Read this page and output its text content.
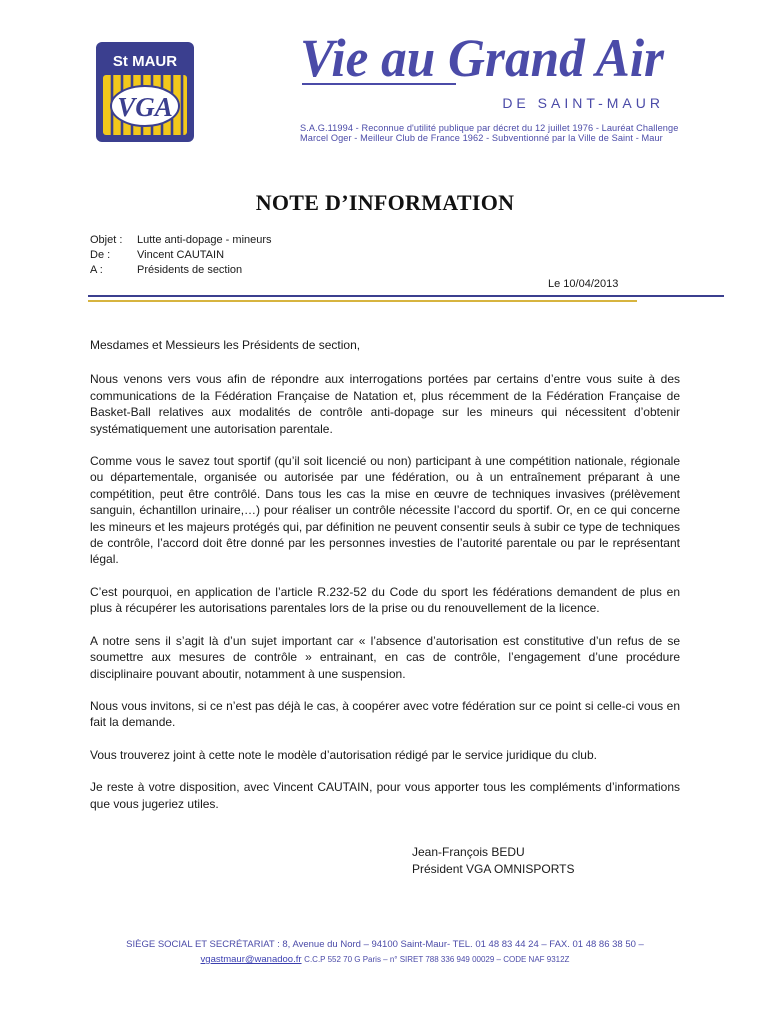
St MAUR
VGA
Vie au Grand Air
DE SAINT-MAUR
S.A.G.11994 - Reconnue d'utilité publique par décret du 12 juillet 1976 - Lauréat Challenge
Marcel Oger - Meilleur Club de France 1962 - Subventionné par la Ville de Saint - Maur
NOTE D’INFORMATION
Objet : Lutte anti-dopage - mineurs
De : Vincent CAUTAIN
A :	Présidents de section
Le 10/04/2013

Mesdames et Messieurs les Présidents de section,

Nous venons vers vous afin de répondre aux interrogations portées par certains d’entre vous suite à des communications de la Fédération Française de Natation et, plus récemment de la Fédération Française de Basket-Ball relatives aux modalités de contrôle anti-dopage sur les mineurs qui nécessitent d’obtenir systématiquement une autorisation parentale.

Comme vous le savez tout sportif (qu’il soit licencié ou non) participant à une compétition nationale, régionale ou départementale, organisée ou autorisée par une fédération, ou à un entraînement préparant à une compétition, peut être contrôlé. Dans tous les cas la mise en œuvre de techniques invasives (prélèvement sanguin, échantillon urinaire,…) pour réaliser un contrôle nécessite l’accord du sportif. Or, en ce qui concerne les mineurs et les majeurs protégés qui, par définition ne peuvent consentir seuls à subir ce type de techniques de contrôle, l’accord doit être donné par les personnes investies de l’autorité parentale ou par le représentant légal.

C’est pourquoi, en application de l’article R.232-52 du Code du sport les fédérations demandent de plus en plus à récupérer les autorisations parentales lors de la prise ou du renouvellement de la licence.

A notre sens il s’agit là d’un sujet important car « l’absence d’autorisation est constitutive d’un refus de se soumettre aux mesures de contrôle » entrainant, en cas de contrôle, l’engagement d’une procédure disciplinaire pouvant aboutir, notamment à une suspension.

Nous vous invitons, si ce n’est pas déjà le cas, à coopérer avec votre fédération sur ce point si celle-ci vous en fait la demande.

Vous trouverez joint à cette note le modèle d’autorisation rédigé par le service juridique du club.

Je reste à votre disposition, avec Vincent CAUTAIN, pour vous apporter tous les compléments d’informations que vous jugeriez utiles.

Jean-François BEDU
Président VGA OMNISPORTS
SIÈGE SOCIAL ET SECRÉTARIAT : 8, Avenue du Nord – 94100 Saint-Maur- TEL. 01 48 83 44 24 – FAX. 01 48 86 38 50 –
vgastmaur@wanadoo.fr C.C.P 552 70 G Paris – n° SIRET 788 336 949 00029 – CODE NAF 9312Z
